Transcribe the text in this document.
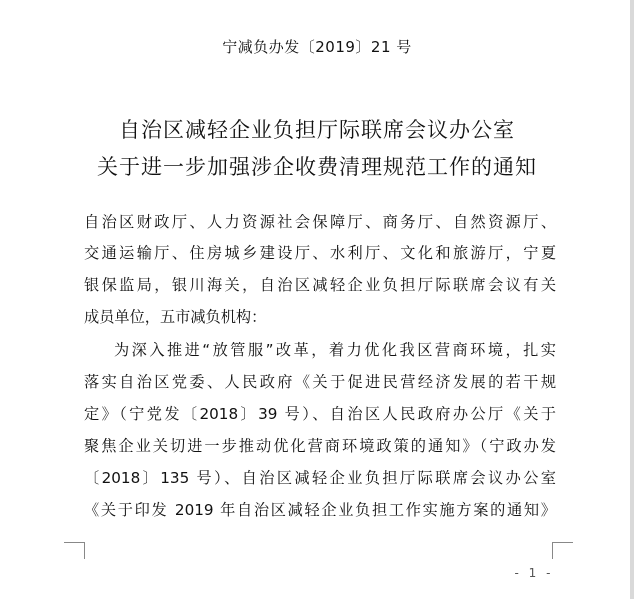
宁减负办发〔2019〕21 号
自治区减轻企业负担厅际联席会议办公室
关于进一步加强涉企收费清理规范工作的通知
自治区财政厅、人力资源社会保障厅、商务厅、自然资源厅、
交通运输厅、住房城乡建设厅、水利厅、文化和旅游厅，宁夏
银保监局，银川海关，自治区减轻企业负担厅际联席会议有关
成员单位，五市减负机构：
为深入推进“放管服”改革，着力优化我区营商环境，扎实
落实自治区党委、人民政府《关于促进民营经济发展的若干规
定》（宁党发〔2018〕39 号）、自治区人民政府办公厅《关于
聚焦企业关切进一步推动优化营商环境政策的通知》（宁政办发
〔2018〕135 号）、自治区减轻企业负担厅际联席会议办公室
《关于印发 2019 年自治区减轻企业负担工作实施方案的通知》
- 1 -
